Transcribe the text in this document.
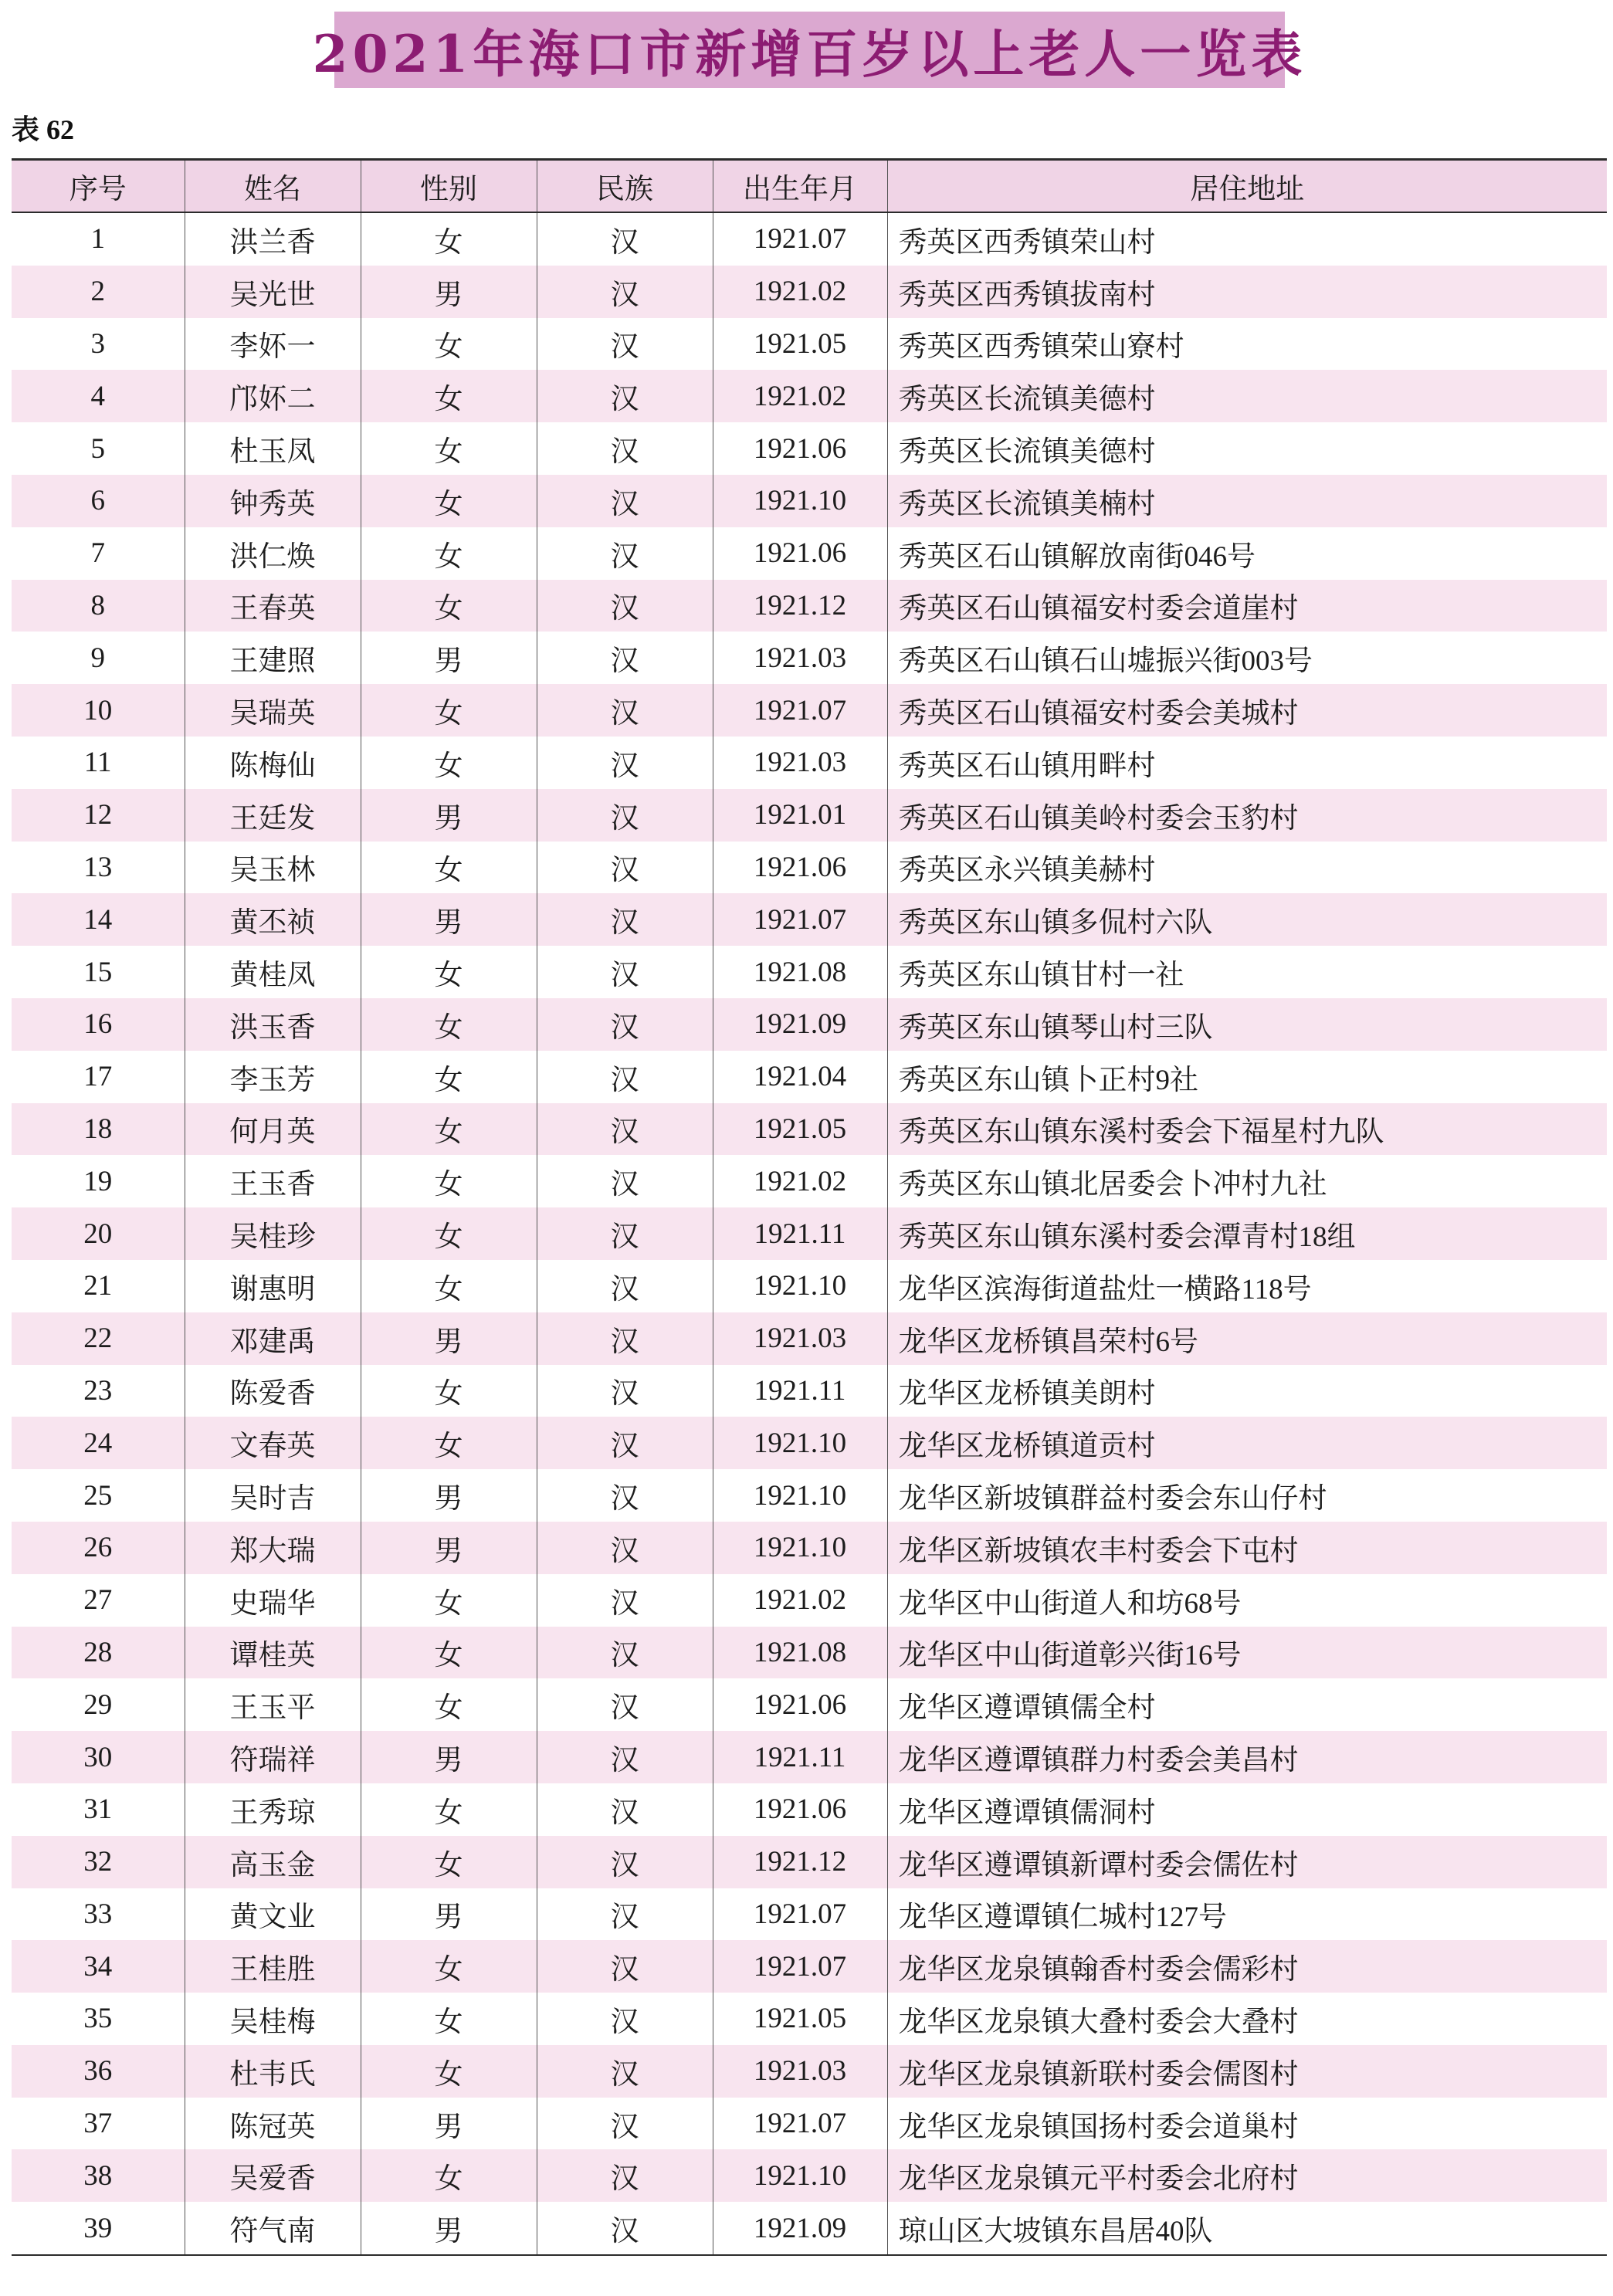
2021年海口市新增百岁以上老人一览表
表 62
序号	姓名	性别	民族	出生年月	居住地址
1	洪兰香	女	汉	1921.07	秀英区西秀镇荣山村
2	吴光世	男	汉	1921.02	秀英区西秀镇拔南村
3	李妚一	女	汉	1921.05	秀英区西秀镇荣山寮村
4	邝妚二	女	汉	1921.02	秀英区长流镇美德村
5	杜玉凤	女	汉	1921.06	秀英区长流镇美德村
6	钟秀英	女	汉	1921.10	秀英区长流镇美楠村
7	洪仁焕	女	汉	1921.06	秀英区石山镇解放南街046号
8	王春英	女	汉	1921.12	秀英区石山镇福安村委会道崖村
9	王建照	男	汉	1921.03	秀英区石山镇石山墟振兴街003号
10	吴瑞英	女	汉	1921.07	秀英区石山镇福安村委会美城村
11	陈梅仙	女	汉	1921.03	秀英区石山镇用畔村
12	王廷发	男	汉	1921.01	秀英区石山镇美岭村委会玉豹村
13	吴玉林	女	汉	1921.06	秀英区永兴镇美赫村
14	黄丕祯	男	汉	1921.07	秀英区东山镇多侃村六队
15	黄桂凤	女	汉	1921.08	秀英区东山镇甘村一社
16	洪玉香	女	汉	1921.09	秀英区东山镇琴山村三队
17	李玉芳	女	汉	1921.04	秀英区东山镇卜正村9社
18	何月英	女	汉	1921.05	秀英区东山镇东溪村委会下福星村九队
19	王玉香	女	汉	1921.02	秀英区东山镇北居委会卜冲村九社
20	吴桂珍	女	汉	1921.11	秀英区东山镇东溪村委会潭青村18组
21	谢惠明	女	汉	1921.10	龙华区滨海街道盐灶一横路118号
22	邓建禹	男	汉	1921.03	龙华区龙桥镇昌荣村6号
23	陈爱香	女	汉	1921.11	龙华区龙桥镇美朗村
24	文春英	女	汉	1921.10	龙华区龙桥镇道贡村
25	吴时吉	男	汉	1921.10	龙华区新坡镇群益村委会东山仔村
26	郑大瑞	男	汉	1921.10	龙华区新坡镇农丰村委会下屯村
27	史瑞华	女	汉	1921.02	龙华区中山街道人和坊68号
28	谭桂英	女	汉	1921.08	龙华区中山街道彰兴街16号
29	王玉平	女	汉	1921.06	龙华区遵谭镇儒全村
30	符瑞祥	男	汉	1921.11	龙华区遵谭镇群力村委会美昌村
31	王秀琼	女	汉	1921.06	龙华区遵谭镇儒洞村
32	高玉金	女	汉	1921.12	龙华区遵谭镇新谭村委会儒佐村
33	黄文业	男	汉	1921.07	龙华区遵谭镇仁城村127号
34	王桂胜	女	汉	1921.07	龙华区龙泉镇翰香村委会儒彩村
35	吴桂梅	女	汉	1921.05	龙华区龙泉镇大叠村委会大叠村
36	杜韦氏	女	汉	1921.03	龙华区龙泉镇新联村委会儒图村
37	陈冠英	男	汉	1921.07	龙华区龙泉镇国扬村委会道巢村
38	吴爱香	女	汉	1921.10	龙华区龙泉镇元平村委会北府村
39	符气南	男	汉	1921.09	琼山区大坡镇东昌居40队
